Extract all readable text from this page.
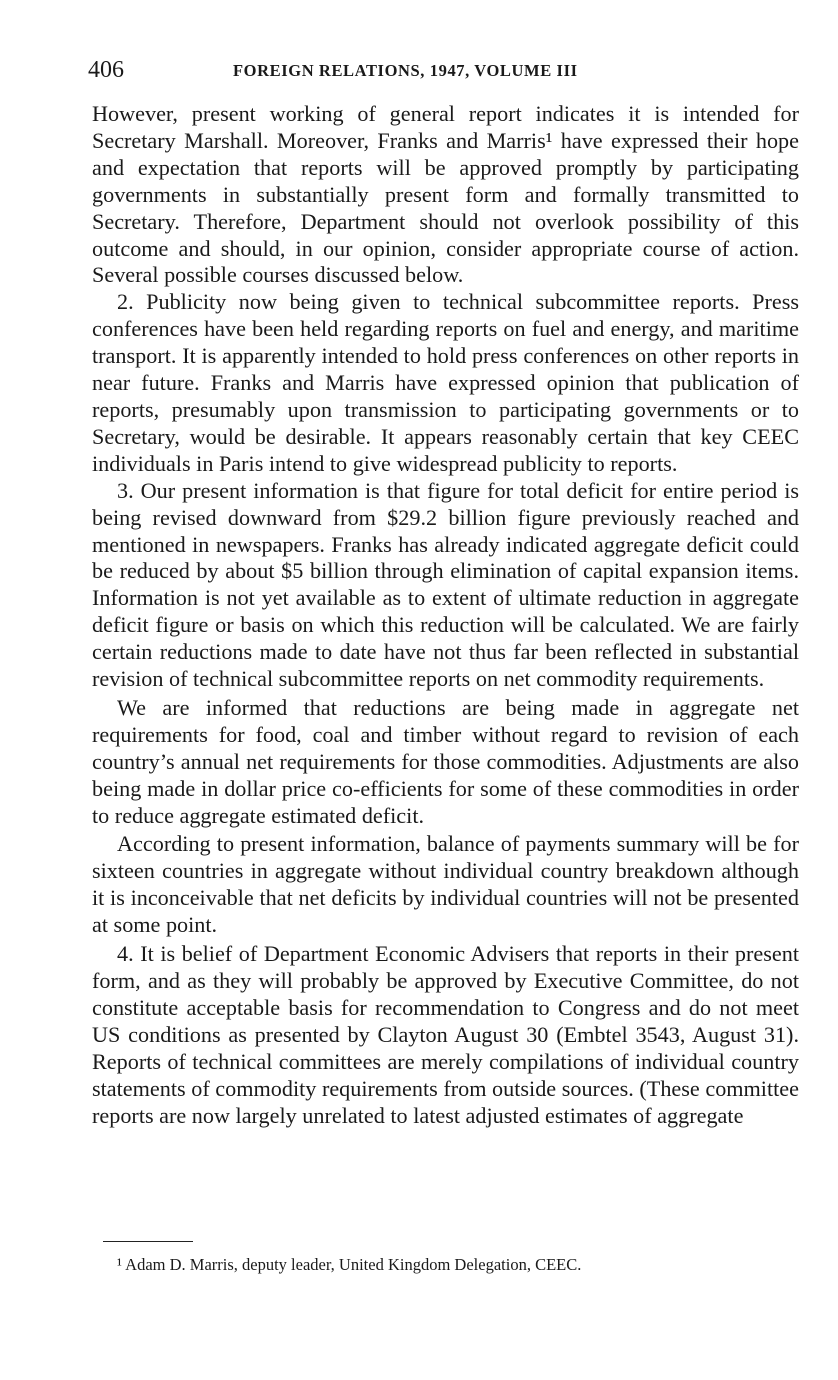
406	FOREIGN RELATIONS, 1947, VOLUME III

However, present working of general report indicates it is intended for Secretary Marshall. Moreover, Franks and Marris¹ have expressed their hope and expectation that reports will be approved promptly by participating governments in substantially present form and formally transmitted to Secretary. Therefore, Department should not overlook possibility of this outcome and should, in our opinion, consider appropriate course of action. Several possible courses discussed below.

2. Publicity now being given to technical subcommittee reports. Press conferences have been held regarding reports on fuel and energy, and maritime transport. It is apparently intended to hold press conferences on other reports in near future. Franks and Marris have expressed opinion that publication of reports, presumably upon transmission to participating governments or to Secretary, would be desirable. It appears reasonably certain that key CEEC individuals in Paris intend to give widespread publicity to reports.

3. Our present information is that figure for total deficit for entire period is being revised downward from $29.2 billion figure previously reached and mentioned in newspapers. Franks has already indicated aggregate deficit could be reduced by about $5 billion through elimination of capital expansion items. Information is not yet available as to extent of ultimate reduction in aggregate deficit figure or basis on which this reduction will be calculated. We are fairly certain reductions made to date have not thus far been reflected in substantial revision of technical subcommittee reports on net commodity requirements.

We are informed that reductions are being made in aggregate net requirements for food, coal and timber without regard to revision of each country’s annual net requirements for those commodities. Adjustments are also being made in dollar price co-efficients for some of these commodities in order to reduce aggregate estimated deficit.

According to present information, balance of payments summary will be for sixteen countries in aggregate without individual country breakdown although it is inconceivable that net deficits by individual countries will not be presented at some point.

4. It is belief of Department Economic Advisers that reports in their present form, and as they will probably be approved by Executive Committee, do not constitute acceptable basis for recommendation to Congress and do not meet US conditions as presented by Clayton August 30 (Embtel 3543, August 31). Reports of technical committees are merely compilations of individual country statements of commodity requirements from outside sources. (These committee reports are now largely unrelated to latest adjusted estimates of aggregate

¹ Adam D. Marris, deputy leader, United Kingdom Delegation, CEEC.
